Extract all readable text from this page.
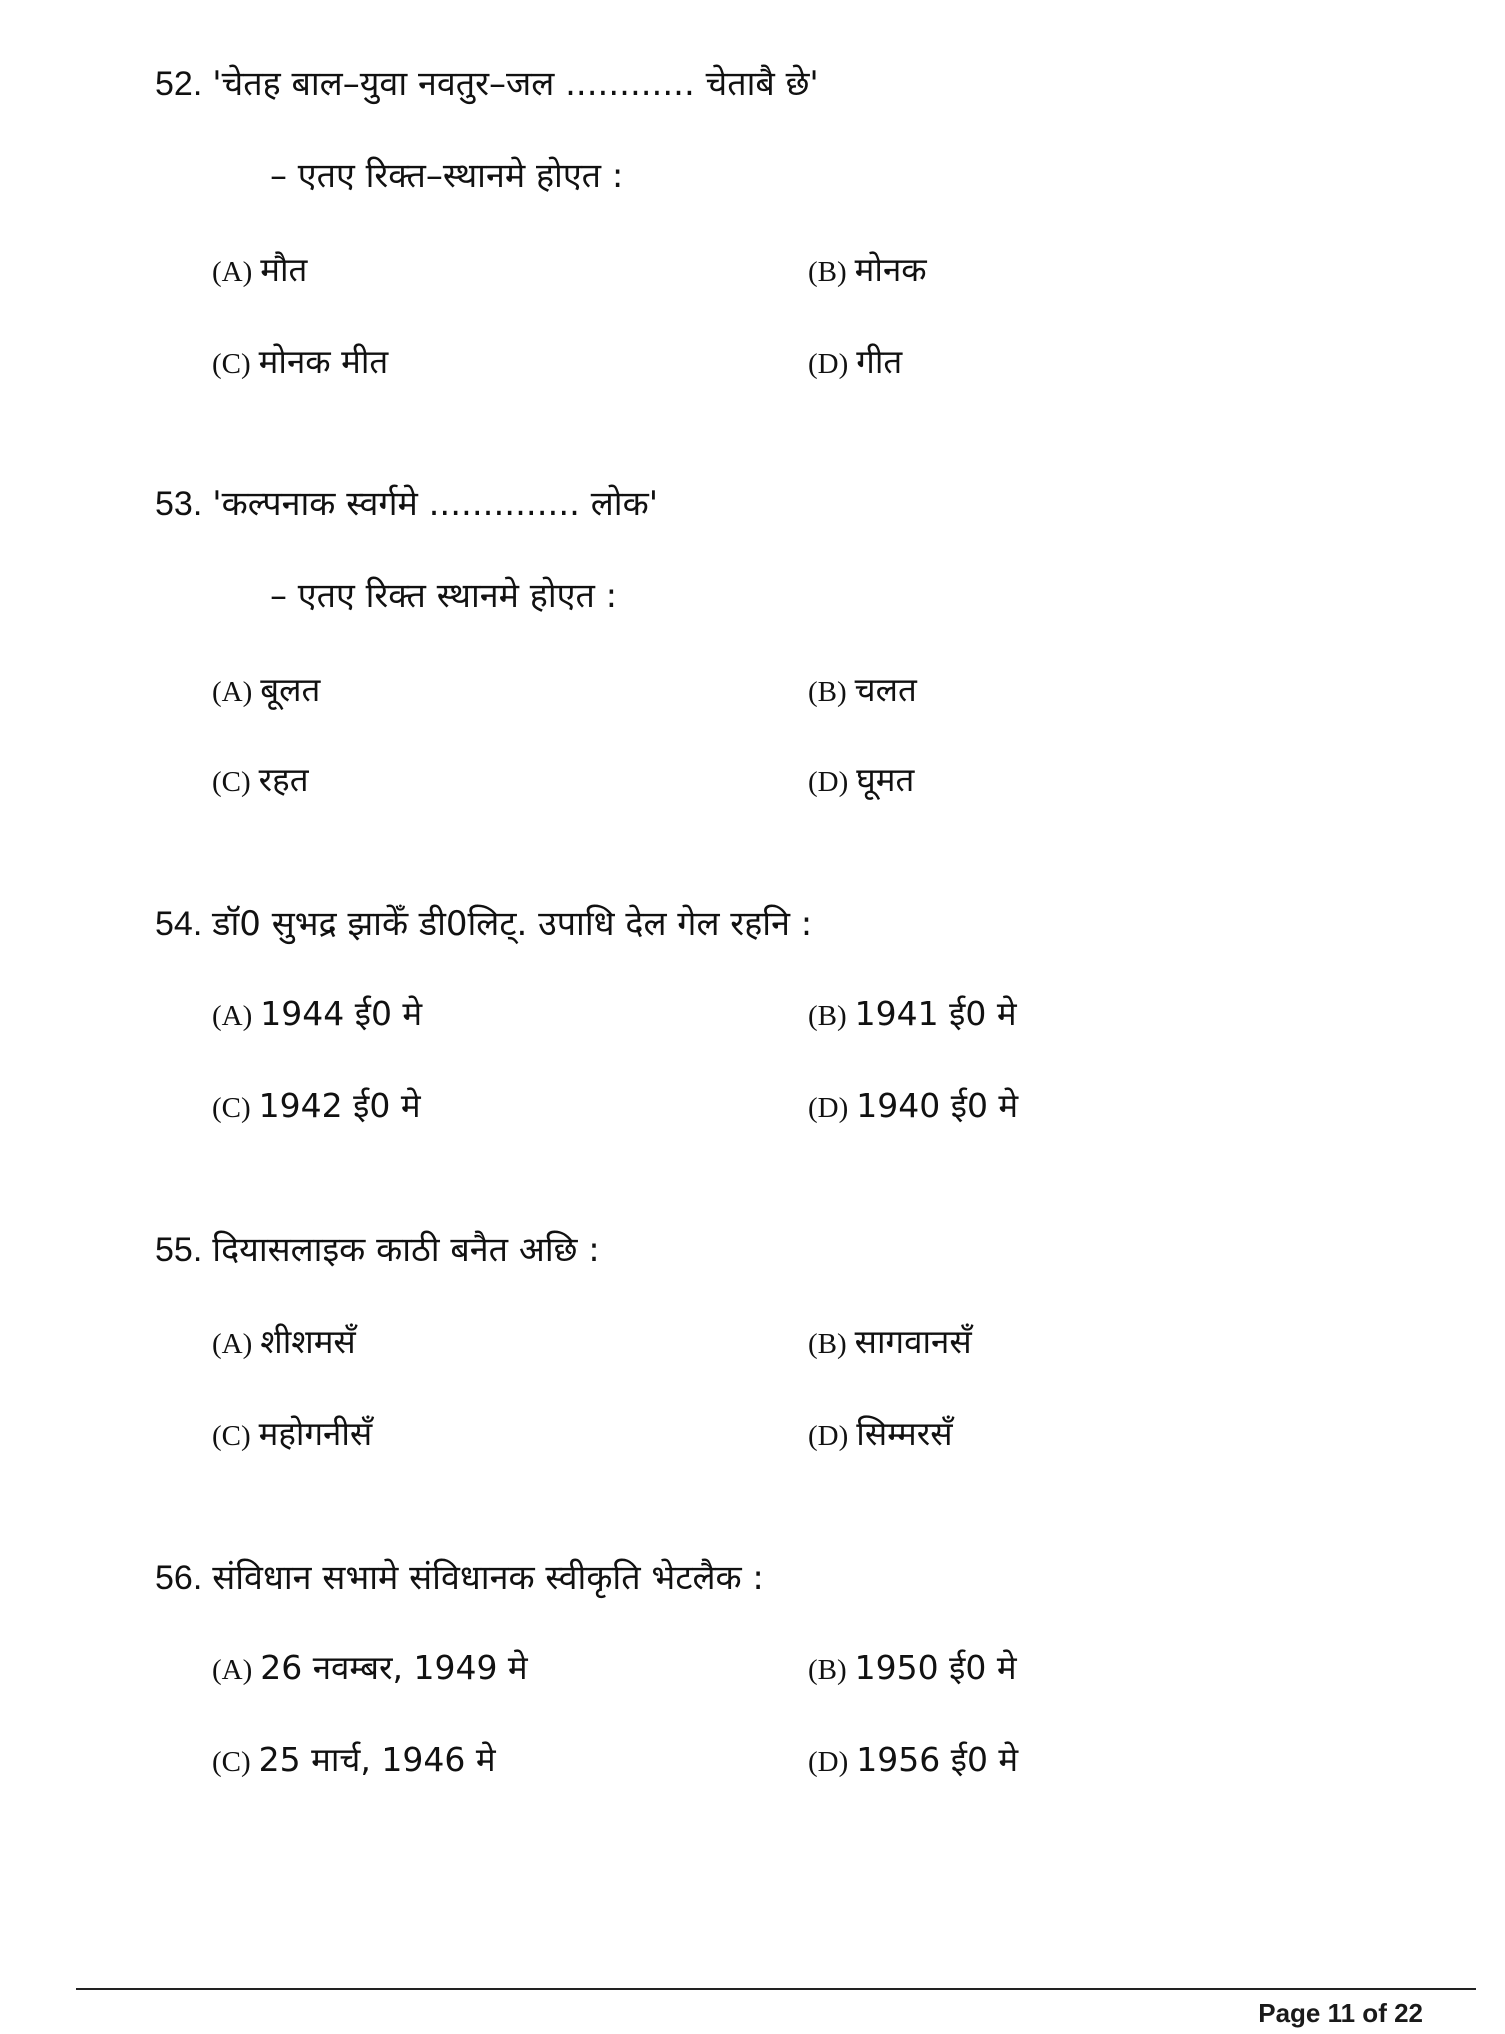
52. 'चेतह बाल–युवा नवतुर–जल ............ चेताबै छे'
– एतए रिक्त–स्थानमे होएत :
(A) मौत	(B) मोनक
(C) मोनक मीत	(D) गीत
53. 'कल्पनाक स्वर्गमे .............. लोक'
– एतए रिक्त स्थानमे होएत :
(A) बूलत	(B) चलत
(C) रहत	(D) घूमत
54. डॉ0 सुभद्र झाकेँ डी0लिट्. उपाधि देल गेल रहनि :
(A) 1944 ई0 मे	(B) 1941 ई0 मे
(C) 1942 ई0 मे	(D) 1940 ई0 मे
55. दियासलाइक काठी बनैत अछि :
(A) शीशमसँ	(B) सागवानसँ
(C) महोगनीसँ	(D) सिम्मरसँ
56. संविधान सभामे संविधानक स्वीकृति भेटलैक :
(A) 26 नवम्बर, 1949 मे	(B) 1950 ई0 मे
(C) 25 मार्च, 1946 मे	(D) 1956 ई0 मे
Page 11 of 22
